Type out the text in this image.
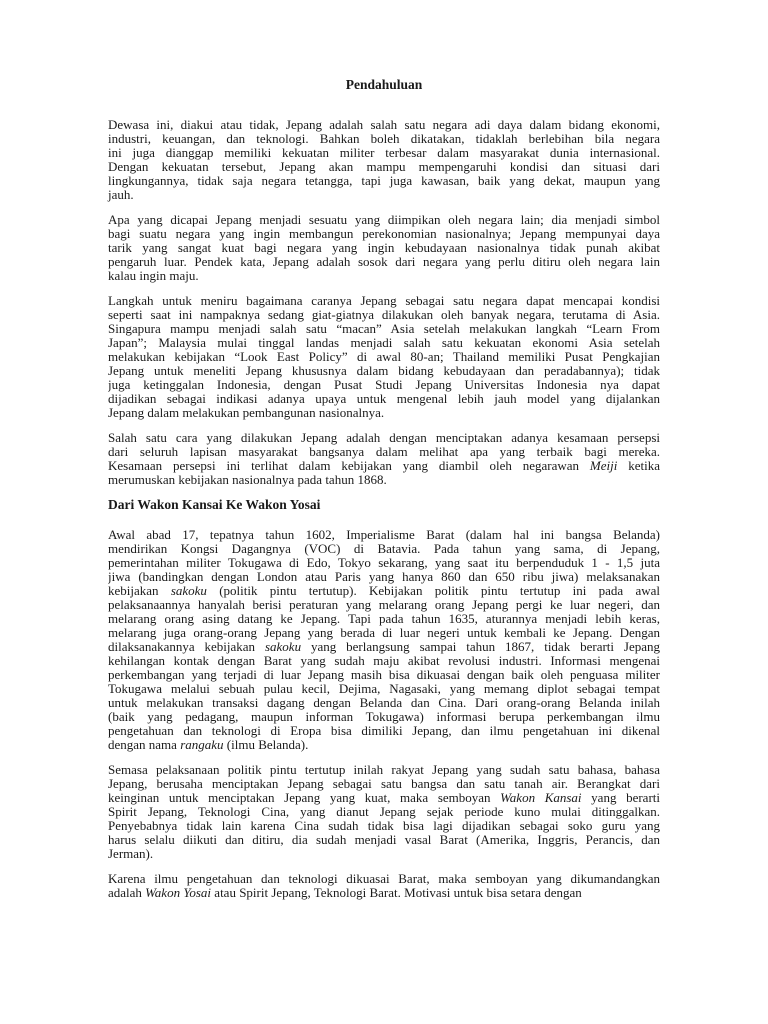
Pendahuluan
Dewasa ini, diakui atau tidak, Jepang adalah salah satu negara adi daya dalam bidang ekonomi,
industri, keuangan, dan teknologi. Bahkan boleh dikatakan, tidaklah berlebihan bila negara
ini juga dianggap memiliki kekuatan militer terbesar dalam masyarakat dunia internasional.
Dengan kekuatan tersebut, Jepang akan mampu mempengaruhi kondisi dan situasi dari
lingkungannya, tidak saja negara tetangga, tapi juga kawasan, baik yang dekat, maupun yang
jauh.
Apa yang dicapai Jepang menjadi sesuatu yang diimpikan oleh negara lain; dia menjadi simbol
bagi suatu negara yang ingin membangun perekonomian nasionalnya; Jepang mempunyai daya
tarik yang sangat kuat bagi negara yang ingin kebudayaan nasionalnya tidak punah akibat
pengaruh luar. Pendek kata, Jepang adalah sosok dari negara yang perlu ditiru oleh negara lain
kalau ingin maju.
Langkah untuk meniru bagaimana caranya Jepang sebagai satu negara dapat mencapai kondisi
seperti saat ini nampaknya sedang giat-giatnya dilakukan oleh banyak negara, terutama di Asia.
Singapura mampu menjadi salah satu “macan” Asia setelah melakukan langkah “Learn From
Japan”; Malaysia mulai tinggal landas menjadi salah satu kekuatan ekonomi Asia setelah
melakukan kebijakan “Look East Policy” di awal 80-an; Thailand memiliki Pusat Pengkajian
Jepang untuk meneliti Jepang khususnya dalam bidang kebudayaan dan peradabannya); tidak
juga ketinggalan Indonesia, dengan Pusat Studi Jepang Universitas Indonesia nya dapat
dijadikan sebagai indikasi adanya upaya untuk mengenal lebih jauh model yang dijalankan
Jepang dalam melakukan pembangunan nasionalnya.
Salah satu cara yang dilakukan Jepang adalah dengan menciptakan adanya kesamaan persepsi
dari seluruh lapisan masyarakat bangsanya dalam melihat apa yang terbaik bagi mereka.
Kesamaan persepsi ini terlihat dalam kebijakan yang diambil oleh negarawan Meiji ketika
merumuskan kebijakan nasionalnya pada tahun 1868.
Dari Wakon Kansai Ke Wakon Yosai
Awal abad 17, tepatnya tahun 1602, Imperialisme Barat (dalam hal ini bangsa Belanda)
mendirikan Kongsi Dagangnya (VOC) di Batavia. Pada tahun yang sama, di Jepang,
pemerintahan militer Tokugawa di Edo, Tokyo sekarang, yang saat itu berpenduduk 1 - 1,5 juta
jiwa (bandingkan dengan London atau Paris yang hanya 860 dan 650 ribu jiwa) melaksanakan
kebijakan sakoku (politik pintu tertutup). Kebijakan politik pintu tertutup ini pada awal
pelaksanaannya hanyalah berisi peraturan yang melarang orang Jepang pergi ke luar negeri, dan
melarang orang asing datang ke Jepang. Tapi pada tahun 1635, aturannya menjadi lebih keras,
melarang juga orang-orang Jepang yang berada di luar negeri untuk kembali ke Jepang. Dengan
dilaksanakannya kebijakan sakoku yang berlangsung sampai tahun 1867, tidak berarti Jepang
kehilangan kontak dengan Barat yang sudah maju akibat revolusi industri. Informasi mengenai
perkembangan yang terjadi di luar Jepang masih bisa dikuasai dengan baik oleh penguasa militer
Tokugawa melalui sebuah pulau kecil, Dejima, Nagasaki, yang memang diplot sebagai tempat
untuk melakukan transaksi dagang dengan Belanda dan Cina. Dari orang-orang Belanda inilah
(baik yang pedagang, maupun informan Tokugawa) informasi berupa perkembangan ilmu
pengetahuan dan teknologi di Eropa bisa dimiliki Jepang, dan ilmu pengetahuan ini dikenal
dengan nama rangaku (ilmu Belanda).
Semasa pelaksanaan politik pintu tertutup inilah rakyat Jepang yang sudah satu bahasa, bahasa
Jepang, berusaha menciptakan Jepang sebagai satu bangsa dan satu tanah air. Berangkat dari
keinginan untuk menciptakan Jepang yang kuat, maka semboyan Wakon Kansai yang berarti
Spirit Jepang, Teknologi Cina, yang dianut Jepang sejak periode kuno mulai ditinggalkan.
Penyebabnya tidak lain karena Cina sudah tidak bisa lagi dijadikan sebagai soko guru yang
harus selalu diikuti dan ditiru, dia sudah menjadi vasal Barat (Amerika, Inggris, Perancis, dan
Jerman).
Karena ilmu pengetahuan dan teknologi dikuasai Barat, maka semboyan yang dikumandangkan
adalah Wakon Yosai atau Spirit Jepang, Teknologi Barat. Motivasi untuk bisa setara dengan
